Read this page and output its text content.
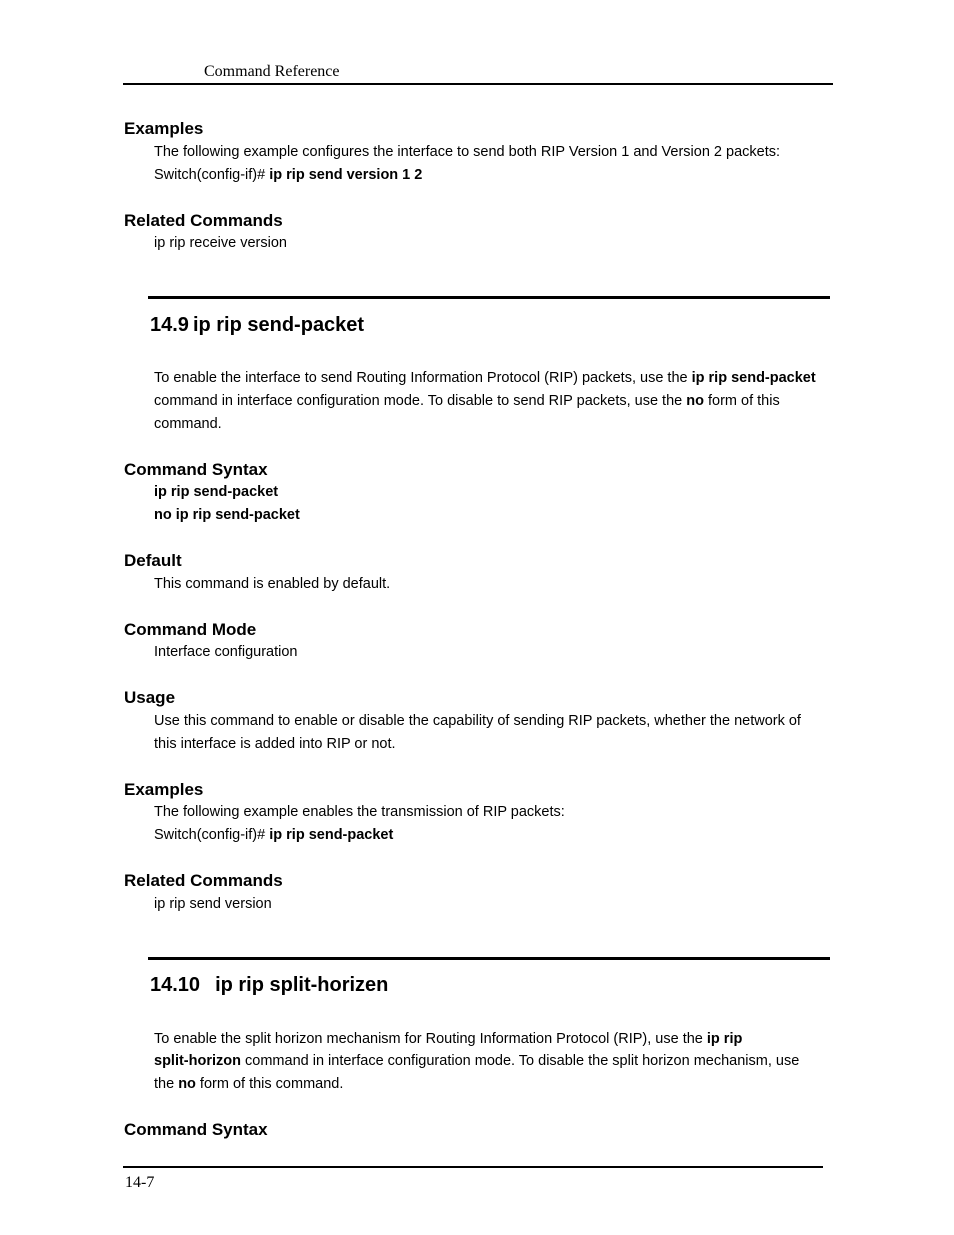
Command Reference
Examples
The following example configures the interface to send both RIP Version 1 and Version 2 packets:
Switch(config-if)# ip rip send version 1 2
Related Commands
ip rip receive version
14.9 ip rip send-packet
To enable the interface to send Routing Information Protocol (RIP) packets, use the ip rip send-packet
command in interface configuration mode. To disable to send RIP packets, use the no form of this
command.
Command Syntax
ip rip send-packet
no ip rip send-packet
Default
This command is enabled by default.
Command Mode
Interface configuration
Usage
Use this command to enable or disable the capability of sending RIP packets, whether the network of
this interface is added into RIP or not.
Examples
The following example enables the transmission of RIP packets:
Switch(config-if)# ip rip send-packet
Related Commands
ip rip send version
14.10 ip rip split-horizen
To enable the split horizon mechanism for Routing Information Protocol (RIP), use the ip rip
split-horizon command in interface configuration mode. To disable the split horizon mechanism, use
the no form of this command.
Command Syntax
14-7
